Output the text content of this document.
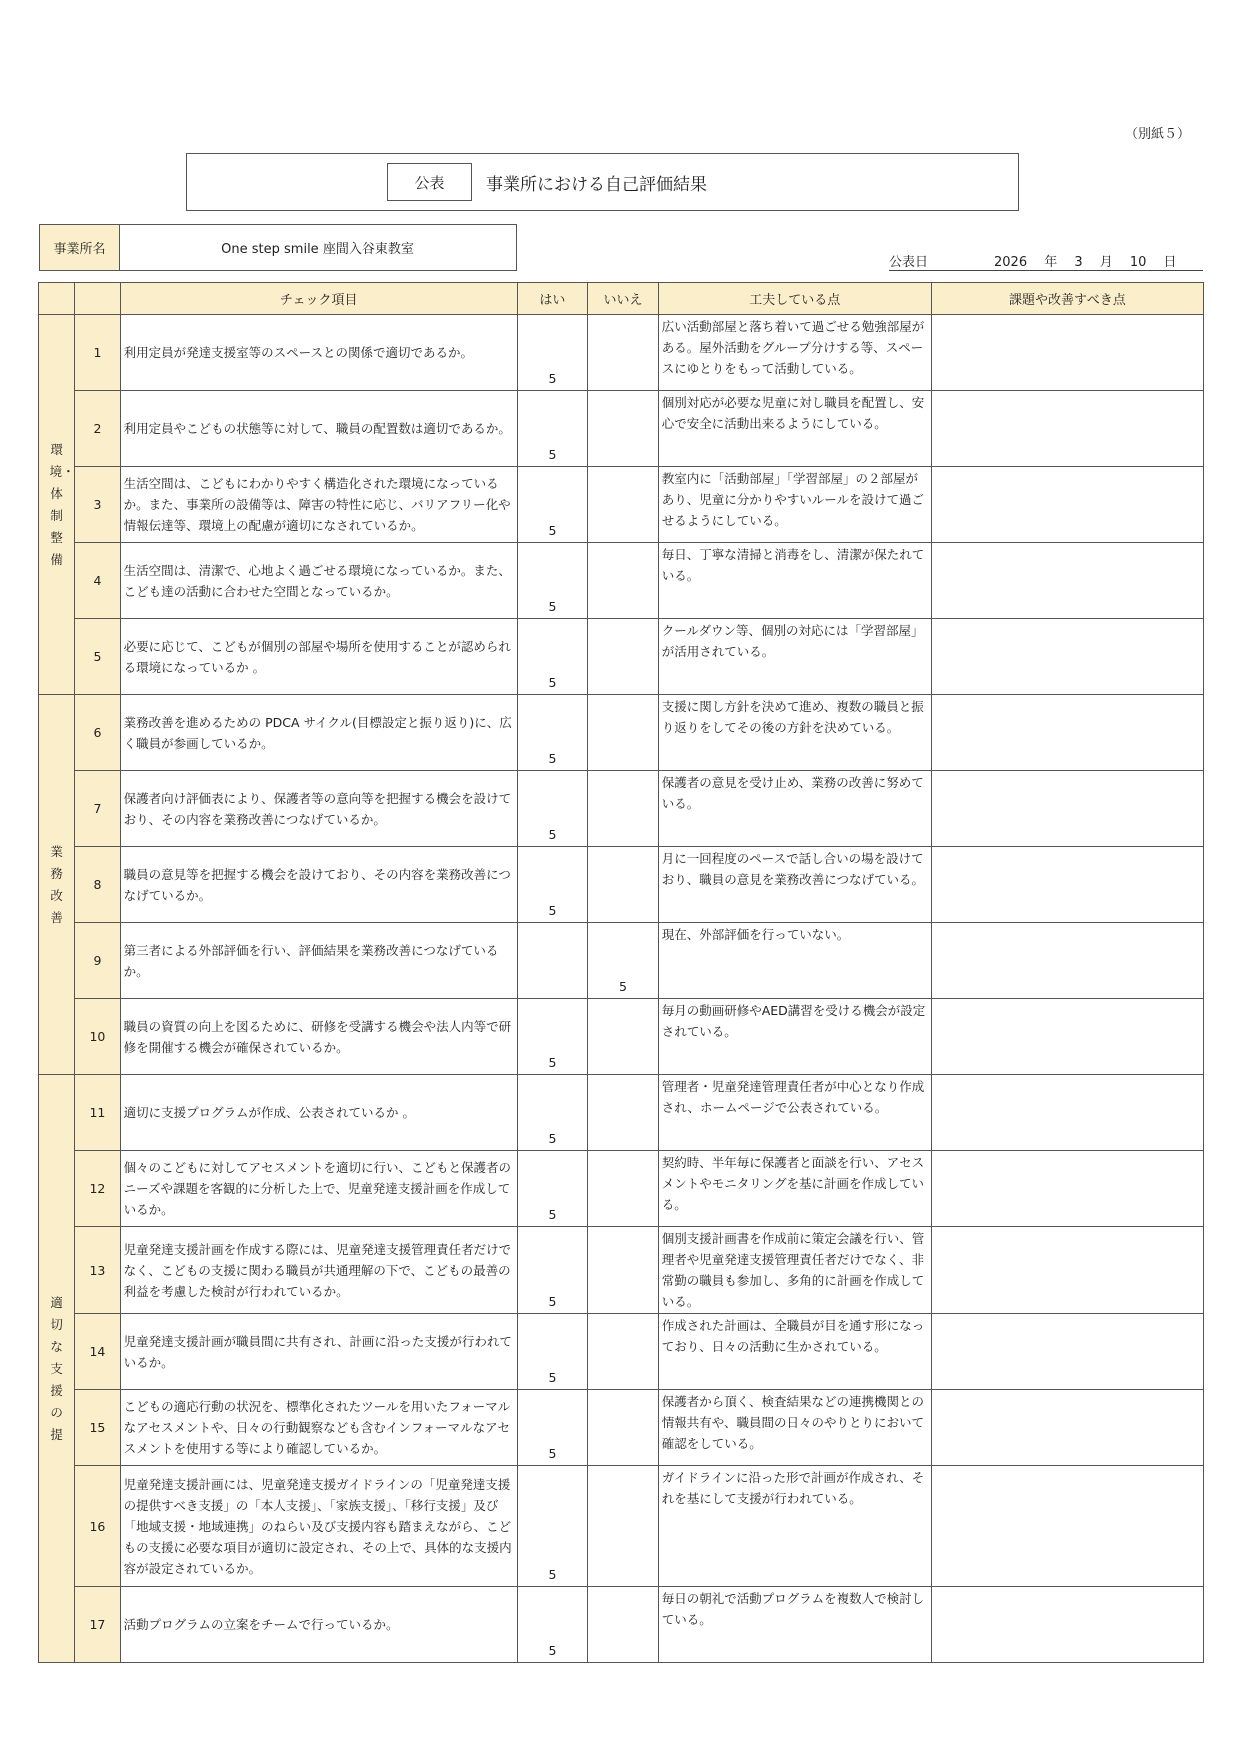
（別紙５）
公表	事業所における自己評価結果
事業所名	One step smile 座間入谷東教室
公表日	2026　 年　 3　 月　 10　 日
		チェック項目	はい	いいえ	工夫している点	課題や改善すべき点

環境・体制整備	1	利用定員が発達支援室等のスペースとの関係で適切であるか。	5		広い活動部屋と落ち着いて過ごせる勉強部屋がある。屋外活動をグループ分けする等、スペースにゆとりをもって活動している。	
	2	利用定員やこどもの状態等に対して、職員の配置数は適切であるか。	5		個別対応が必要な児童に対し職員を配置し、安心で安全に活動出来るようにしている。	
	3	生活空間は、こどもにわかりやすく構造化された環境になっているか。また、事業所の設備等は、障害の特性に応じ、バリアフリー化や情報伝達等、環境上の配慮が適切になされているか。	5		教室内に「活動部屋」「学習部屋」の２部屋があり、児童に分かりやすいルールを設けて過ごせるようにしている。	
	4	生活空間は、清潔で、心地よく過ごせる環境になっているか。また、こども達の活動に合わせた空間となっているか。	5		毎日、丁寧な清掃と消毒をし、清潔が保たれている。	
	5	必要に応じて、こどもが個別の部屋や場所を使用することが認められる環境になっているか 。	5		クールダウン等、個別の対応には「学習部屋」が活用されている。	

業務改善	6	業務改善を進めるための PDCA サイクル(目標設定と振り返り)に、広く職員が参画しているか。	5		支援に関し方針を決めて進め、複数の職員と振り返りをしてその後の方針を決めている。	
	7	保護者向け評価表により、保護者等の意向等を把握する機会を設けており、その内容を業務改善につなげているか。	5		保護者の意見を受け止め、業務の改善に努めている。	
	8	職員の意見等を把握する機会を設けており、その内容を業務改善につなげているか。	5		月に一回程度のペースで話し合いの場を設けており、職員の意見を業務改善につなげている。	
	9	第三者による外部評価を行い、評価結果を業務改善につなげているか。		5	現在、外部評価を行っていない。	
	10	職員の資質の向上を図るために、研修を受講する機会や法人内等で研修を開催する機会が確保されているか。	5		毎月の動画研修やAED講習を受ける機会が設定されている。	

適切な支援の提	11	適切に支援プログラムが作成、公表されているか 。	5		管理者・児童発達管理責任者が中心となり作成され、ホームページで公表されている。	
	12	個々のこどもに対してアセスメントを適切に行い、こどもと保護者のニーズや課題を客観的に分析した上で、児童発達支援計画を作成しているか。	5		契約時、半年毎に保護者と面談を行い、アセスメントやモニタリングを基に計画を作成している。	
	13	児童発達支援計画を作成する際には、児童発達支援管理責任者だけでなく、こどもの支援に関わる職員が共通理解の下で、こどもの最善の利益を考慮した検討が行われているか。	5		個別支援計画書を作成前に策定会議を行い、管理者や児童発達支援管理責任者だけでなく、非常勤の職員も参加し、多角的に計画を作成している。	
	14	児童発達支援計画が職員間に共有され、計画に沿った支援が行われているか。	5		作成された計画は、全職員が目を通す形になっており、日々の活動に生かされている。	
	15	こどもの適応行動の状況を、標準化されたツールを用いたフォーマルなアセスメントや、日々の行動観察なども含むインフォーマルなアセスメントを使用する等により確認しているか。	5		保護者から頂く、検査結果などの連携機関との情報共有や、職員間の日々のやりとりにおいて確認をしている。	
	16	児童発達支援計画には、児童発達支援ガイドラインの「児童発達支援の提供すべき支援」の「本人支援」、「家族支援」、「移行支援」及び「地域支援・地域連携」のねらい及び支援内容も踏まえながら、こどもの支援に必要な項目が適切に設定され、その上で、具体的な支援内容が設定されているか。	5		ガイドラインに沿った形で計画が作成され、それを基にして支援が行われている。	
	17	活動プログラムの立案をチームで行っているか。	5		毎日の朝礼で活動プログラムを複数人で検討している。	
